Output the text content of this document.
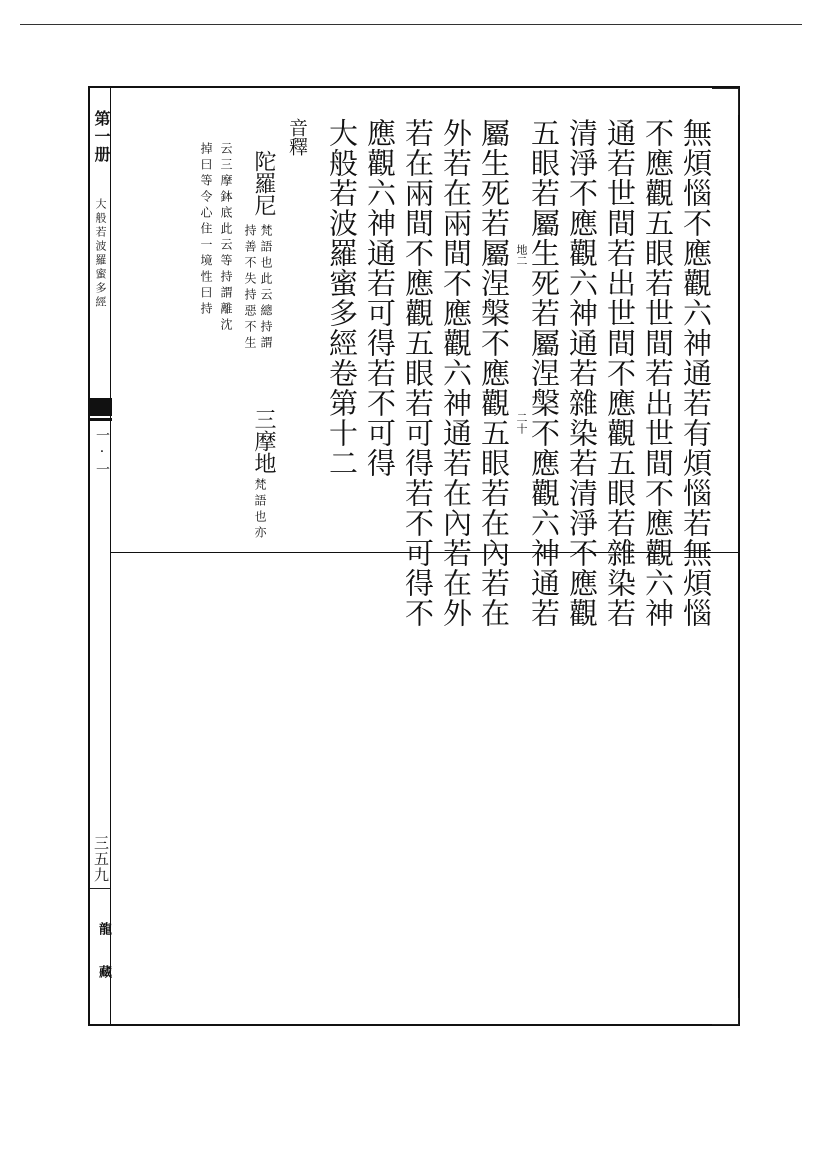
第一册
大般若波羅蜜多經
一·一
三五九
龍藏
無煩惱不應觀六神通若有煩惱若無煩惱
不應觀五眼若世間若出世間不應觀六神
通若世間若出世間不應觀五眼若雜染若
清淨不應觀六神通若雜染若清淨不應觀
五眼若屬生死若屬涅槃不應觀六神通若
地二
二十
屬生死若屬涅槃不應觀五眼若在內若在
外若在兩間不應觀六神通若在內若在外
若在兩間不應觀五眼若可得若不可得不
應觀六神通若可得若不可得
大般若波羅蜜多經卷第十二
音釋
陀羅尼
梵語也此云總持謂
持善不失持惡不生
三摩地
梵語也亦
云三摩鉢底此云等持謂離沈
掉曰等令心住一境性曰持
